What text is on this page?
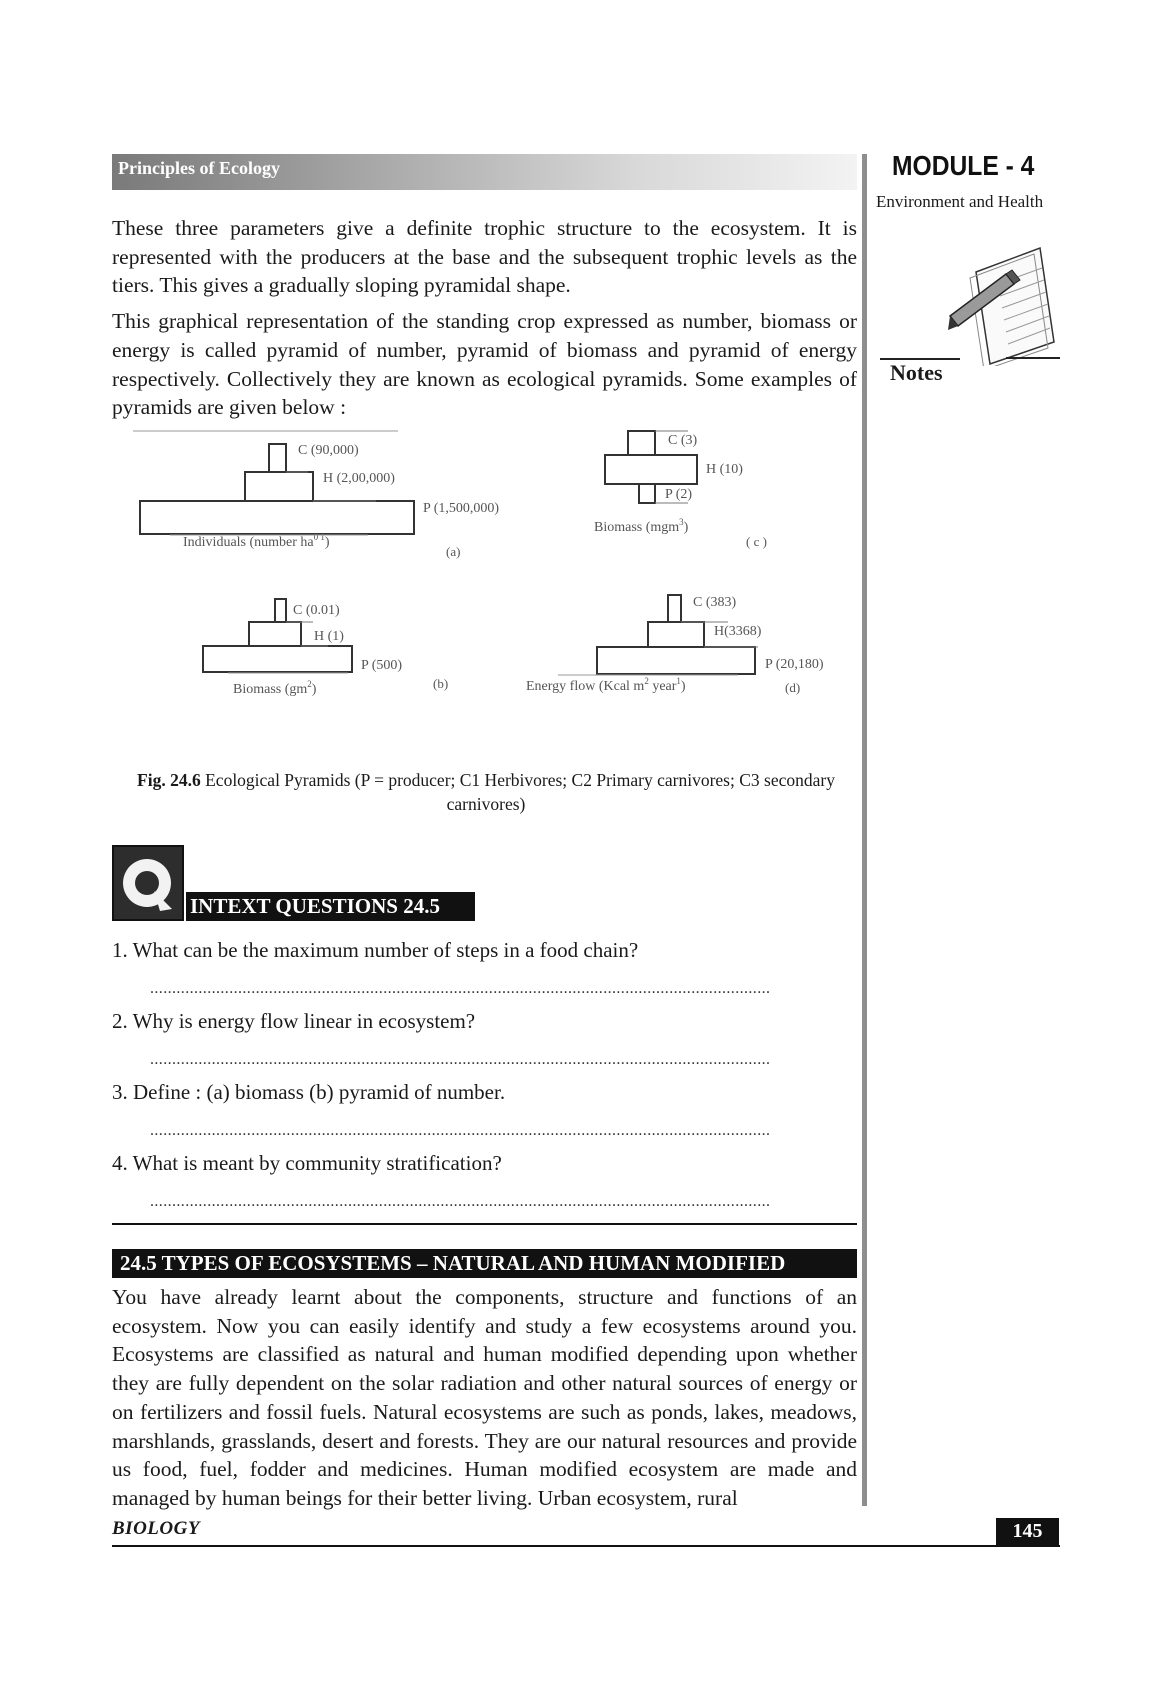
Principles of Ecology	MODULE - 4
Environment and Health
Notes

These three parameters give a definite trophic structure to the ecosystem. It is represented with the producers at the base and the subsequent trophic levels as the tiers. This gives a gradually sloping pyramidal shape.

This graphical representation of the standing crop expressed as number, biomass or energy is called pyramid of number, pyramid of biomass and pyramid of energy respectively. Collectively they are known as ecological pyramids. Some examples of pyramids are given below :

C (90,000)
H (2,00,000)
P (1,500,000)
Individuals (number $ha^{0 1}$)
(a)
C (3)
H (10)
P (2)
Biomass (mgm$^3$)
( c )
C (0.01)
H (1)
P (500)
Biomass $(gm^2)$	(b)
C (383)
H(3368)
P (20,180)
Energy flow (Kcal $m^2$ year$^1$)	(d)
Fig. 24.6 Ecological Pyramids (P = producer; C1 Herbivores; C2 Primary carnivores; C3 secondary carnivores)
INTEXT QUESTIONS 24.5
1. What can be the maximum number of steps in a food chain?
.............................................................................................................................................
2. Why is energy flow linear in ecosystem?
.............................................................................................................................................
3. Define : (a) biomass (b) pyramid of number.
.............................................................................................................................................
4. What is meant by community stratification?
.............................................................................................................................................
24.5 TYPES OF ECOSYSTEMS – NATURAL AND HUMAN MODIFIED
You have already learnt about the components, structure and functions of an ecosystem. Now you can easily identify and study a few ecosystems around you. Ecosystems are classified as natural and human modified depending upon whether they are fully dependent on the solar radiation and other natural sources of energy or on fertilizers and fossil fuels. Natural ecosystems are such as ponds, lakes, meadows, marshlands, grasslands, desert and forests. They are our natural resources and provide us food, fuel, fodder and medicines. Human modified ecosystem are made and managed by human beings for their better living. Urban ecosystem, rural
BIOLOGY	145
